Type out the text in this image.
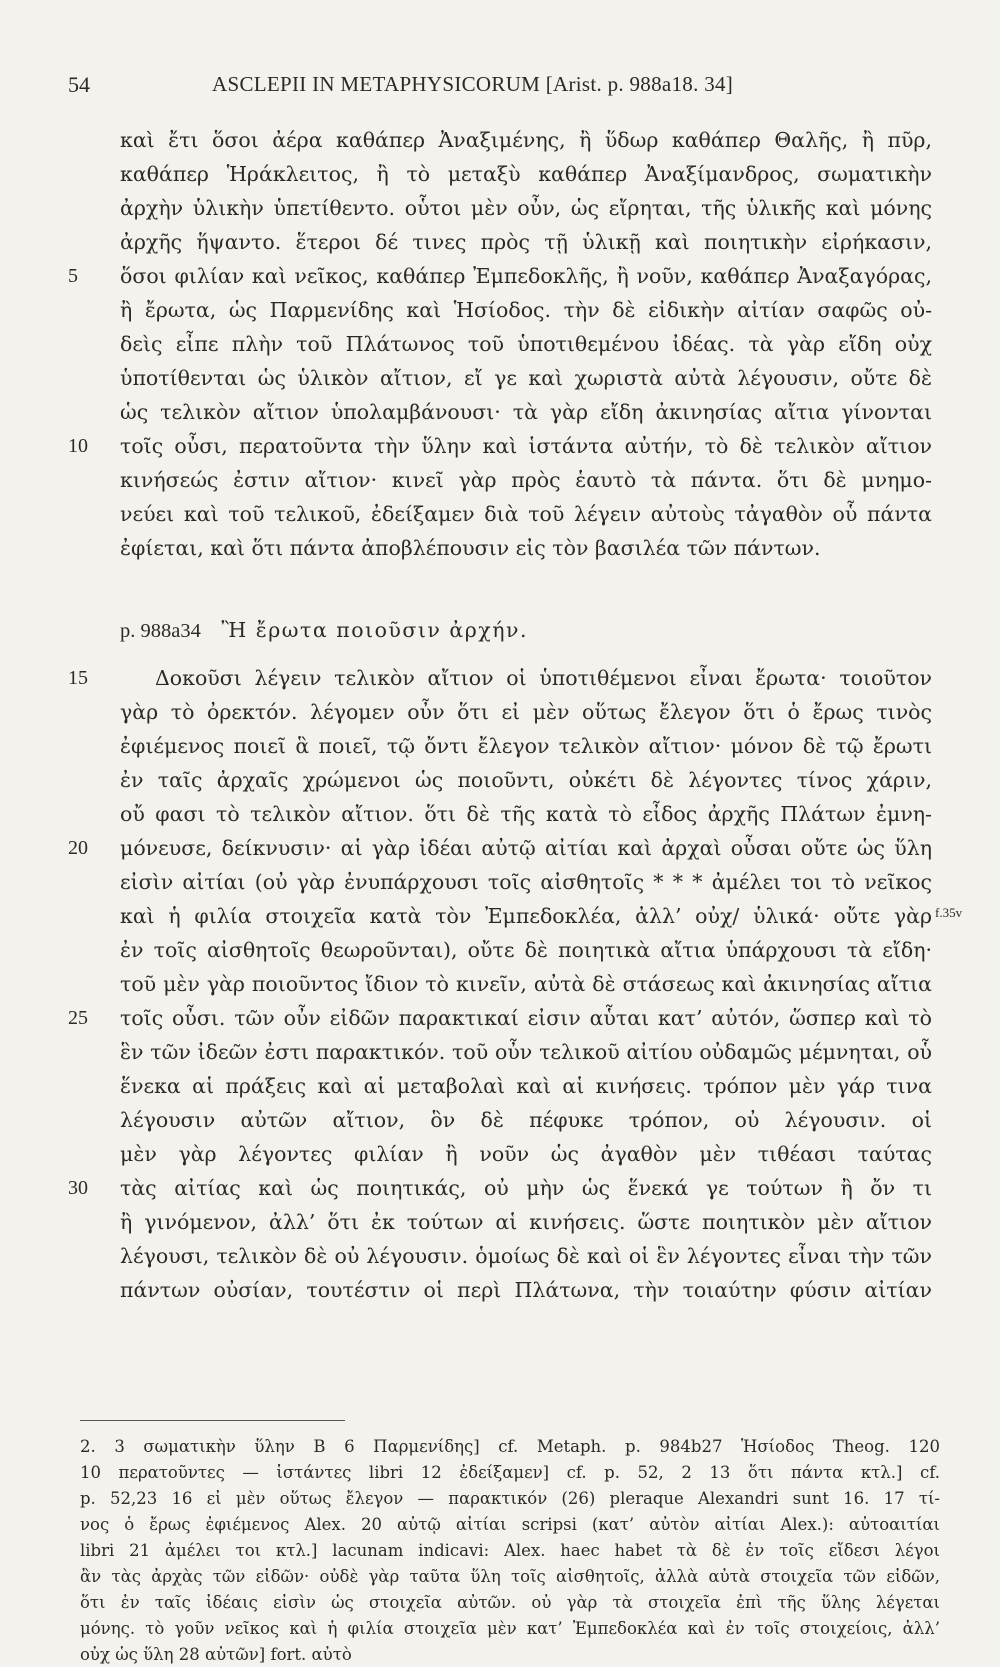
54	ASCLEPII IN METAPHYSICORUM [Arist. p. 988a18. 34]
καὶ ἔτι ὅσοι ἀέρα καθάπερ Ἀναξιμένης, ἢ ὕδωρ καθάπερ Θαλῆς, ἢ πῦρ,
καθάπερ Ἡράκλειτος, ἢ τὸ μεταξὺ καθάπερ Ἀναξίμανδρος, σωματικὴν
ἀρχὴν ὑλικὴν ὑπετίθεντο. οὗτοι μὲν οὖν, ὡς εἴρηται, τῆς ὑλικῆς καὶ μόνης
ἀρχῆς ἥψαντο. ἕτεροι δέ τινες πρὸς τῇ ὑλικῇ καὶ ποιητικὴν εἰρήκασιν,
5	ὅσοι φιλίαν καὶ νεῖκος, καθάπερ Ἐμπεδοκλῆς, ἢ νοῦν, καθάπερ Ἀναξαγόρας,
ἢ ἔρωτα, ὡς Παρμενίδης καὶ Ἡσίοδος. τὴν δὲ εἰδικὴν αἰτίαν σαφῶς οὐ-
δεὶς εἶπε πλὴν τοῦ Πλάτωνος τοῦ ὑποτιθεμένου ἰδέας. τὰ γὰρ εἴδη οὐχ
ὑποτίθενται ὡς ὑλικὸν αἴτιον, εἴ γε καὶ χωριστὰ αὐτὰ λέγουσιν, οὔτε δὲ
ὡς τελικὸν αἴτιον ὑπολαμβάνουσι· τὰ γὰρ εἴδη ἀκινησίας αἴτια γίνονται
10	τοῖς οὖσι, περατοῦντα τὴν ὕλην καὶ ἱστάντα αὐτήν, τὸ δὲ τελικὸν αἴτιον
κινήσεώς ἐστιν αἴτιον· κινεῖ γὰρ πρὸς ἑαυτὸ τὰ πάντα. ὅτι δὲ μνημο-
νεύει καὶ τοῦ τελικοῦ, ἐδείξαμεν διὰ τοῦ λέγειν αὐτοὺς τἀγαθὸν οὗ πάντα
ἐφίεται, καὶ ὅτι πάντα ἀποβλέπουσιν εἰς τὸν βασιλέα τῶν πάντων.
p. 988a34 Ἢ ἔρωτα ποιοῦσιν ἀρχήν.
15	Δοκοῦσι λέγειν τελικὸν αἴτιον οἱ ὑποτιθέμενοι εἶναι ἔρωτα· τοιοῦτον
γὰρ τὸ ὀρεκτόν. λέγομεν οὖν ὅτι εἰ μὲν οὕτως ἔλεγον ὅτι ὁ ἔρως τινὸς
ἐφιέμενος ποιεῖ ἃ ποιεῖ, τῷ ὄντι ἔλεγον τελικὸν αἴτιον· μόνον δὲ τῷ ἔρωτι
ἐν ταῖς ἀρχαῖς χρώμενοι ὡς ποιοῦντι, οὐκέτι δὲ λέγοντες τίνος χάριν,
οὔ φασι τὸ τελικὸν αἴτιον. ὅτι δὲ τῆς κατὰ τὸ εἶδος ἀρχῆς Πλάτων ἐμνη-
20	μόνευσε, δείκνυσιν· αἱ γὰρ ἰδέαι αὐτῷ αἰτίαι καὶ ἀρχαὶ οὖσαι οὔτε ὡς ὕλη
εἰσὶν αἰτίαι (οὐ γὰρ ἐνυπάρχουσι τοῖς αἰσθητοῖς * * * ἀμέλει τοι τὸ νεῖκος
καὶ ἡ φιλία στοιχεῖα κατὰ τὸν Ἐμπεδοκλέα, ἀλλ’ οὐχ/ ὑλικά· οὔτε γὰρ f.35v
ἐν τοῖς αἰσθητοῖς θεωροῦνται), οὔτε δὲ ποιητικὰ αἴτια ὑπάρχουσι τὰ εἴδη·
τοῦ μὲν γὰρ ποιοῦντος ἴδιον τὸ κινεῖν, αὐτὰ δὲ στάσεως καὶ ἀκινησίας αἴτια
25	τοῖς οὖσι. τῶν οὖν εἰδῶν παρακτικαί εἰσιν αὗται κατ’ αὐτόν, ὥσπερ καὶ τὸ
ἓν τῶν ἰδεῶν ἐστι παρακτικόν. τοῦ οὖν τελικοῦ αἰτίου οὐδαμῶς μέμνηται, οὗ
ἕνεκα αἱ πράξεις καὶ αἱ μεταβολαὶ καὶ αἱ κινήσεις. τρόπον μὲν γάρ τινα
λέγουσιν αὐτῶν αἴτιον, ὃν δὲ πέφυκε τρόπον, οὐ λέγουσιν. οἱ
μὲν γὰρ λέγοντες φιλίαν ἢ νοῦν ὡς ἀγαθὸν μὲν τιθέασι ταύτας
30	τὰς αἰτίας καὶ ὡς ποιητικάς, οὐ μὴν ὡς ἕνεκά γε τούτων ἢ ὄν τι
ἢ γινόμενον, ἀλλ’ ὅτι ἐκ τούτων αἱ κινήσεις. ὥστε ποιητικὸν μὲν αἴτιον
λέγουσι, τελικὸν δὲ οὐ λέγουσιν. ὁμοίως δὲ καὶ οἱ ἓν λέγοντες εἶναι τὴν τῶν
πάντων οὐσίαν, τουτέστιν οἱ περὶ Πλάτωνα, τὴν τοιαύτην φύσιν αἰτίαν
2. 3 σωματικὴν ὕλην B 6 Παρμενίδης] cf. Metaph. p. 984b27 Ἡσίοδος Theog. 120
10 περατοῦντες — ἱστάντες libri 12 ἐδείξαμεν] cf. p. 52, 2 13 ὅτι πάντα κτλ.] cf.
p. 52,23 16 εἰ μὲν οὕτως ἔλεγον — παρακτικόν (26) pleraque Alexandri sunt 16. 17 τί-
νος ὁ ἔρως ἐφιέμενος Alex. 20 αὐτῷ αἰτίαι scripsi (κατ’ αὐτὸν αἰτίαι Alex.): αὐτοαιτίαι
libri 21 ἀμέλει τοι κτλ.] lacunam indicavi: Alex. haec habet τὰ δὲ ἐν τοῖς εἴδεσι λέγοι
ἂν τὰς ἀρχὰς τῶν εἰδῶν· οὐδὲ γὰρ ταῦτα ὕλη τοῖς αἰσθητοῖς, ἀλλὰ αὐτὰ στοιχεῖα τῶν εἰδῶν,
ὅτι ἐν ταῖς ἰδέαις εἰσὶν ὡς στοιχεῖα αὐτῶν. οὐ γὰρ τὰ στοιχεῖα ἐπὶ τῆς ὕλης λέγεται
μόνης. τὸ γοῦν νεῖκος καὶ ἡ φιλία στοιχεῖα μὲν κατ’ Ἐμπεδοκλέα καὶ ἐν τοῖς στοιχείοις, ἀλλ’
οὐχ ὡς ὕλη 28 αὐτῶν] fort. αὐτὸ
